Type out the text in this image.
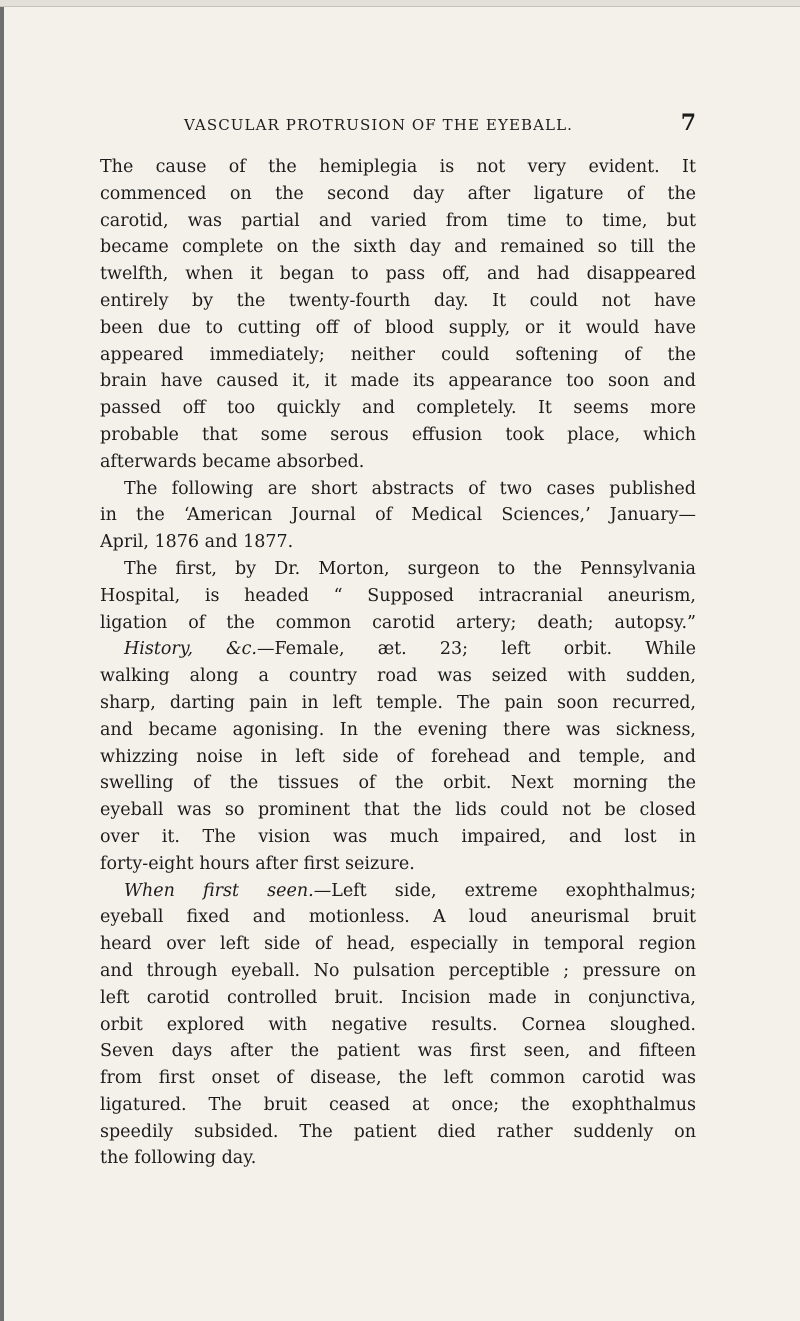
VASCULAR PROTRUSION OF THE EYEBALL.	7
The cause of the hemiplegia is not very evident. It
commenced on the second day after ligature of the
carotid, was partial and varied from time to time, but
became complete on the sixth day and remained so till the
twelfth, when it began to pass off, and had disappeared
entirely by the twenty-fourth day. It could not have
been due to cutting off of blood supply, or it would have
appeared immediately; neither could softening of the
brain have caused it, it made its appearance too soon and
passed off too quickly and completely. It seems more
probable that some serous effusion took place, which
afterwards became absorbed.
The following are short abstracts of two cases published
in the ‘American Journal of Medical Sciences,’ January—
April, 1876 and 1877.
The first, by Dr. Morton, surgeon to the Pennsylvania
Hospital, is headed “ Supposed intracranial aneurism,
ligation of the common carotid artery; death; autopsy.”
History, &c.—Female, æt. 23; left orbit. While
walking along a country road was seized with sudden,
sharp, darting pain in left temple. The pain soon recurred,
and became agonising. In the evening there was sickness,
whizzing noise in left side of forehead and temple, and
swelling of the tissues of the orbit. Next morning the
eyeball was so prominent that the lids could not be closed
over it. The vision was much impaired, and lost in
forty-eight hours after first seizure.
When first seen.—Left side, extreme exophthalmus;
eyeball fixed and motionless. A loud aneurismal bruit
heard over left side of head, especially in temporal region
and through eyeball. No pulsation perceptible ; pressure on
left carotid controlled bruit. Incision made in conjunctiva,
orbit explored with negative results. Cornea sloughed.
Seven days after the patient was first seen, and fifteen
from first onset of disease, the left common carotid was
ligatured. The bruit ceased at once; the exophthalmus
speedily subsided. The patient died rather suddenly on
the following day.
